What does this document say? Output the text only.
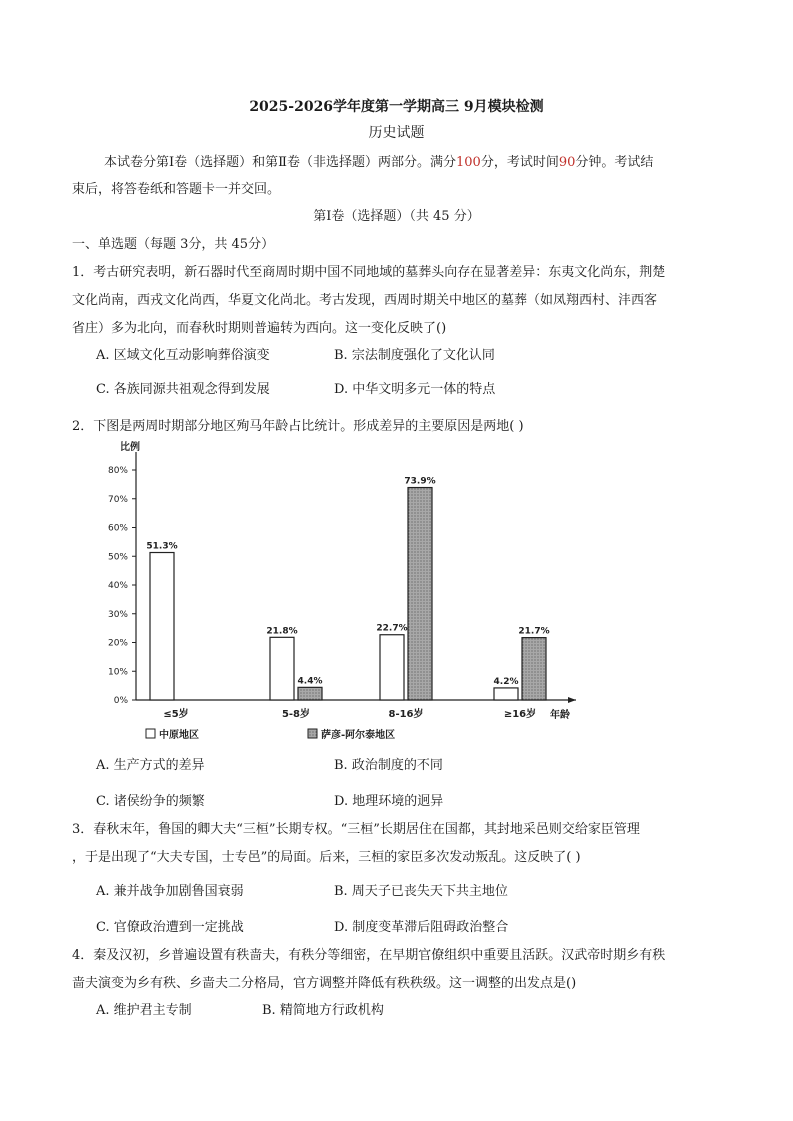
2025-2026学年度第一学期高三 9月模块检测
历史试题
本试卷分第Ⅰ卷（选择题）和第Ⅱ卷（非选择题）两部分。满分100分，考试时间90分钟。考试结
束后，将答卷纸和答题卡一并交回。
第Ⅰ卷（选择题）（共 45 分）
一、单选题（每题 3分，共 45分）
1．考古研究表明，新石器时代至商周时期中国不同地域的墓葬头向存在显著差异：东夷文化尚东，荆楚
文化尚南，西戎文化尚西，华夏文化尚北。考古发现，西周时期关中地区的墓葬（如凤翔西村、沣西客
省庄）多为北向，而春秋时期则普遍转为西向。这一变化反映了()
A. 区域文化互动影响葬俗演变	B. 宗法制度强化了文化认同
C. 各族同源共祖观念得到发展	D. 中华文明多元一体的特点
2．下图是两周时期部分地区殉马年龄占比统计。形成差异的主要原因是两地( )
比例
年龄
0%
10%
20%
30%
40%
50%
60%
70%
80%
≤5岁	5-8岁	8-16岁	≥16岁
51.3%
21.8%
4.4%
22.7%
73.9%
4.2%
21.7%
中原地区	萨彦-阿尔泰地区
A. 生产方式的差异	B. 政治制度的不同
C. 诸侯纷争的频繁	D. 地理环境的迥异
3．春秋末年，鲁国的卿大夫“三桓”长期专权。“三桓”长期居住在国都，其封地采邑则交给家臣管理
，于是出现了“大夫专国，士专邑”的局面。后来，三桓的家臣多次发动叛乱。这反映了( )
A. 兼并战争加剧鲁国衰弱	B. 周天子已丧失天下共主地位
C. 官僚政治遭到一定挑战	D. 制度变革滞后阻碍政治整合
4．秦及汉初，乡普遍设置有秩啬夫，有秩分等细密，在早期官僚组织中重要且活跃。汉武帝时期乡有秩
啬夫演变为乡有秩、乡啬夫二分格局，官方调整并降低有秩秩级。这一调整的出发点是()
A. 维护君主专制	B. 精简地方行政机构
